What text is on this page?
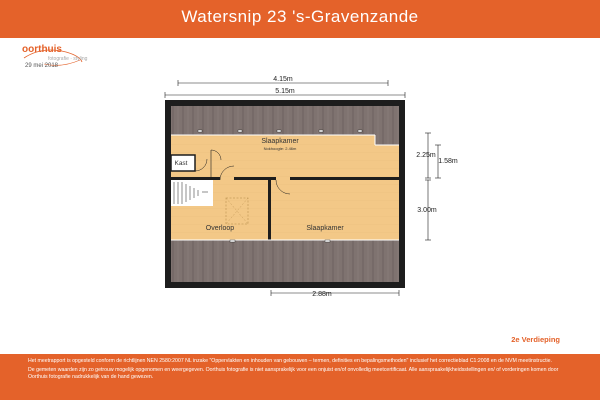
Watersnip 23 's-Gravenzande
oorthuis
fotografie · styling
29 mei 2018
Slaapkamer
Nokhoogte: 2.46m
Kast
Overloop	Slaapkamer
4.15m
5.15m
2.25m
1.58m
3.00m
2.88m
2e Verdieping

Het meetrapport is opgesteld conform de richtlijnen NEN 2580:2007 NL inzake "Oppervlakten en inhouden van gebouwen – termen, definities en bepalingsmethoden" inclusief het correctieblad C1:2008 en de NVM meetinstructie.

De gemeten waarden zijn zo getrouw mogelijk opgenomen en weergegeven. Oorthuis fotografie is niet aansprakelijk voor een onjuist en/of onvolledig meetcertificaat. Alle aanspraakelijkheidsstellingen en/ of vorderingen komen door Oorthuis fotografie nadrukkelijk van de hand gewezen.
